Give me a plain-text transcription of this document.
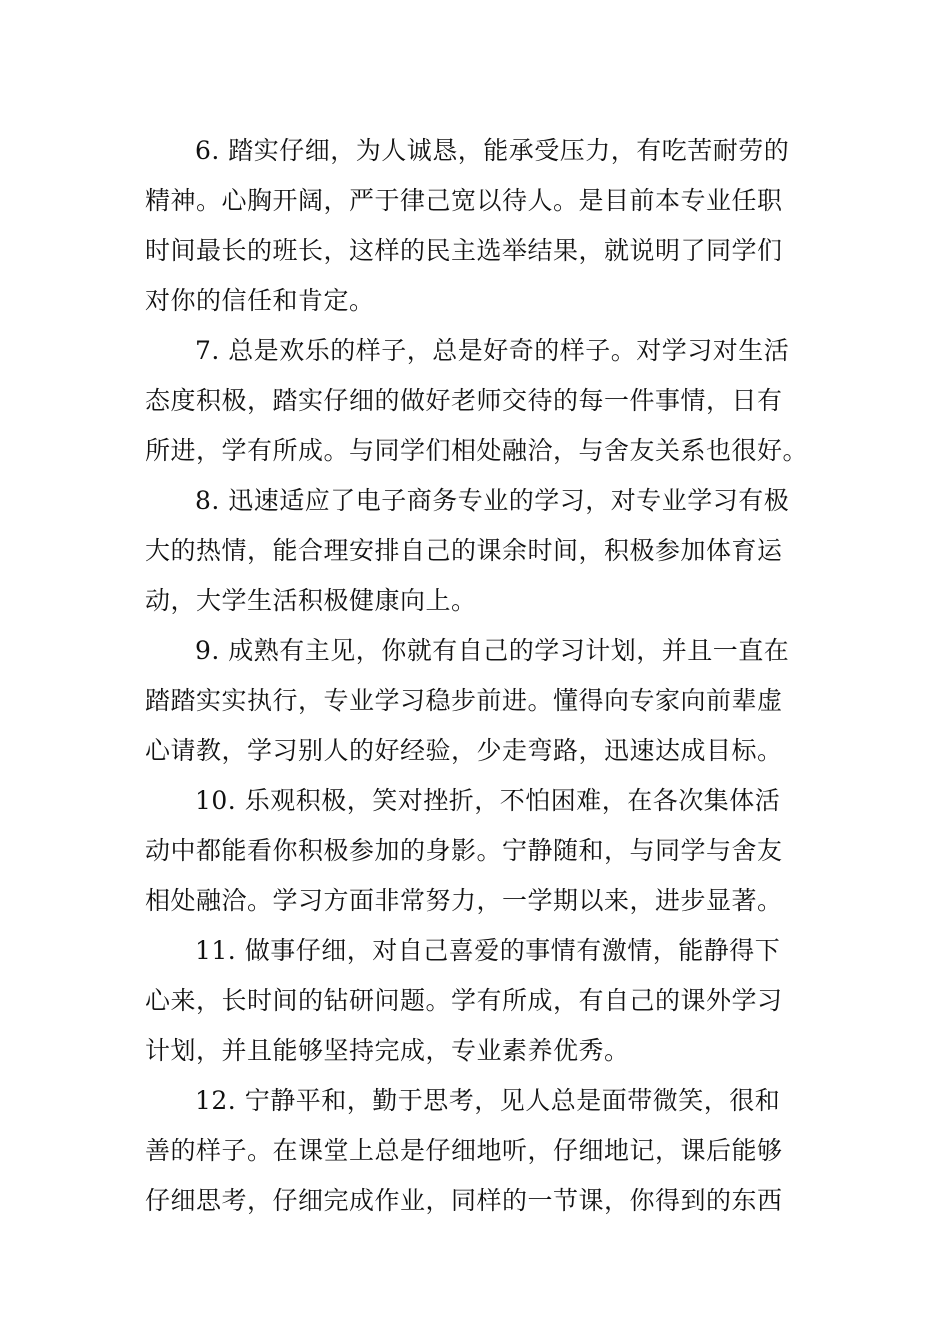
6. 踏实仔细，为人诚恳，能承受压力，有吃苦耐劳的
精神。心胸开阔，严于律己宽以待人。是目前本专业任职
时间最长的班长，这样的民主选举结果，就说明了同学们
对你的信任和肯定。
7. 总是欢乐的样子，总是好奇的样子。对学习对生活
态度积极，踏实仔细的做好老师交待的每一件事情，日有
所进，学有所成。与同学们相处融洽，与舍友关系也很好。
8. 迅速适应了电子商务专业的学习，对专业学习有极
大的热情，能合理安排自己的课余时间，积极参加体育运
动，大学生活积极健康向上。
9. 成熟有主见，你就有自己的学习计划，并且一直在
踏踏实实执行，专业学习稳步前进。懂得向专家向前辈虚
心请教，学习别人的好经验，少走弯路，迅速达成目标。
10. 乐观积极，笑对挫折，不怕困难，在各次集体活
动中都能看你积极参加的身影。宁静随和，与同学与舍友
相处融洽。学习方面非常努力，一学期以来，进步显著。
11. 做事仔细，对自己喜爱的事情有激情，能静得下
心来，长时间的钻研问题。学有所成，有自己的课外学习
计划，并且能够坚持完成，专业素养优秀。
12. 宁静平和，勤于思考，见人总是面带微笑，很和
善的样子。在课堂上总是仔细地听，仔细地记，课后能够
仔细思考，仔细完成作业，同样的一节课，你得到的东西
